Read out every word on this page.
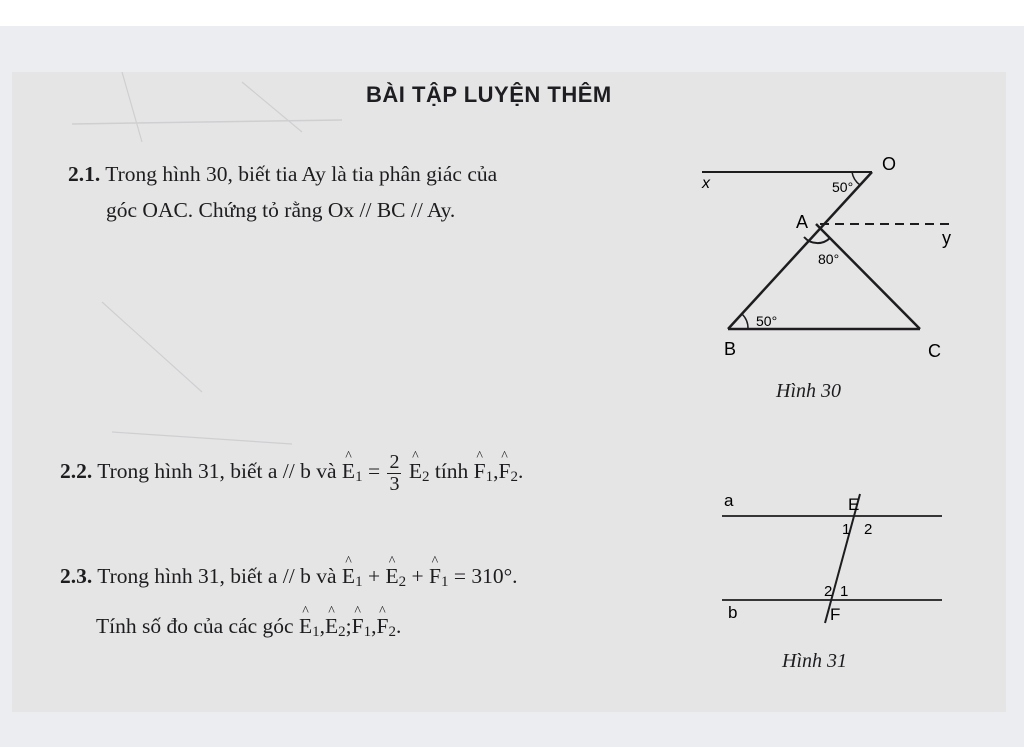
BÀI TẬP LUYỆN THÊM
2.1. Trong hình 30, biết tia Ay là tia phân giác của
góc OAC. Chứng tỏ rằng Ox // BC // Ay.
x
O
50°
A
y
80°
50°
B	C
Hình 30
2.2. Trong hình 31, biết a // b và ^ $E_1 = \frac{2}{3}$ ^ $E_2$ tính ^ $F_1,\^{}$ $F_2$.
2.3. Trong hình 31, biết a // b và ^ $E_1$ + ^ $E_2$ + ^ $F_1 = 310^\circ$.
Tính số đo của các góc ^ $E_1,\^{}$ $E_2;\^{}$ $F_1,\^{}$ $F_2$.
a	E
1 2
2 1
b	F
Hình 31
